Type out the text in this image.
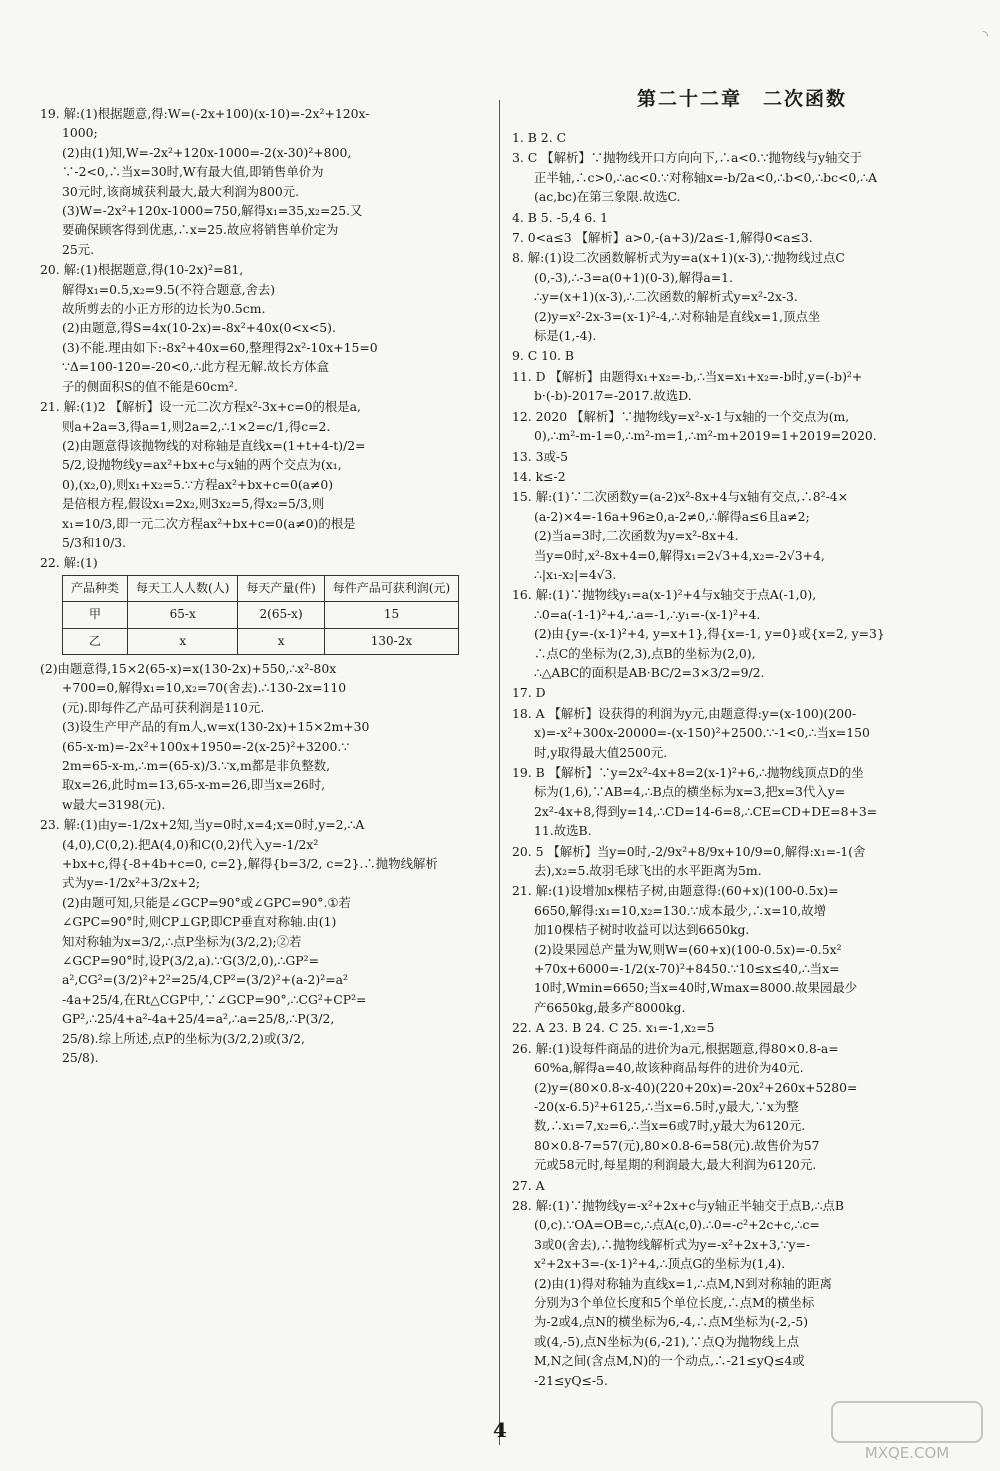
◝
第二十二章　二次函数
19. 解:(1)根据题意,得:W=(-2x+100)(x-10)=-2x²+120x-
1000;
(2)由(1)知,W=-2x²+120x-1000=-2(x-30)²+800,
∵-2<0,∴当x=30时,W有最大值,即销售单价为
30元时,该商城获利最大,最大利润为800元.
(3)W=-2x²+120x-1000=750,解得x₁=35,x₂=25.又
要确保顾客得到优惠,∴x=25.故应将销售单价定为
25元.
20. 解:(1)根据题意,得(10-2x)²=81,
解得x₁=0.5,x₂=9.5(不符合题意,舍去)
故所剪去的小正方形的边长为0.5cm.
(2)由题意,得S=4x(10-2x)=-8x²+40x(0<x<5).
(3)不能.理由如下:-8x²+40x=60,整理得2x²-10x+15=0
∵Δ=100-120=-20<0,∴此方程无解.故长方体盒
子的侧面积S的值不能是60cm².
21. 解:(1)2 【解析】设一元二次方程x²-3x+c=0的根是a,
则a+2a=3,得a=1,则2a=2,∴1×2=c/1,得c=2.
(2)由题意得该抛物线的对称轴是直线x=(1+t+4-t)/2=
5/2,设抛物线y=ax²+bx+c与x轴的两个交点为(x₁,
0),(x₂,0),则x₁+x₂=5.∵方程ax²+bx+c=0(a≠0)
是倍根方程,假设x₁=2x₂,则3x₂=5,得x₂=5/3,则
x₁=10/3,即一元二次方程ax²+bx+c=0(a≠0)的根是
5/3和10/3.
22. 解:(1)
产品种类	每天工人人数(人)	每天产量(件)	每件产品可获利润(元)
甲	65-x	2(65-x)	15
乙	x	x	130-2x
(2)由题意得,15×2(65-x)=x(130-2x)+550,∴x²-80x
+700=0,解得x₁=10,x₂=70(舍去).∴130-2x=110
(元).即每件乙产品可获利润是110元.
(3)设生产甲产品的有m人,w=x(130-2x)+15×2m+30
(65-x-m)=-2x²+100x+1950=-2(x-25)²+3200.∵
2m=65-x-m,∴m=(65-x)/3.∵x,m都是非负整数,
取x=26,此时m=13,65-x-m=26,即当x=26时,
w最大=3198(元).
23. 解:(1)由y=-1/2x+2知,当y=0时,x=4;x=0时,y=2,∴A
(4,0),C(0,2).把A(4,0)和C(0,2)代入y=-1/2x²
+bx+c,得{-8+4b+c=0, c=2},解得{b=3/2, c=2}.∴抛物线解析
式为y=-1/2x²+3/2x+2;
(2)由题可知,只能是∠GCP=90°或∠GPC=90°.①若
∠GPC=90°时,则CP⊥GP,即CP垂直对称轴.由(1)
知对称轴为x=3/2,∴点P坐标为(3/2,2);②若
∠GCP=90°时,设P(3/2,a).∵G(3/2,0),∴GP²=
a²,CG²=(3/2)²+2²=25/4,CP²=(3/2)²+(a-2)²=a²
-4a+25/4,在Rt△CGP中,∵∠GCP=90°,∴CG²+CP²=
GP²,∴25/4+a²-4a+25/4=a²,∴a=25/8,∴P(3/2,
25/8).综上所述,点P的坐标为(3/2,2)或(3/2,
25/8).
1. B 2. C
3. C 【解析】∵抛物线开口方向向下,∴a<0.∵抛物线与y轴交于
正半轴,∴c>0,∴ac<0.∵对称轴x=-b/2a<0,∴b<0,∴bc<0,∴A
(ac,bc)在第三象限.故选C.
4. B 5. -5,4 6. 1
7. 0<a≤3 【解析】a>0,-(a+3)/2a≤-1,解得0<a≤3.
8. 解:(1)设二次函数解析式为y=a(x+1)(x-3),∵抛物线过点C
(0,-3),∴-3=a(0+1)(0-3),解得a=1.
∴y=(x+1)(x-3),∴二次函数的解析式y=x²-2x-3.
(2)y=x²-2x-3=(x-1)²-4,∴对称轴是直线x=1,顶点坐
标是(1,-4).
9. C 10. B
11. D 【解析】由题得x₁+x₂=-b,∴当x=x₁+x₂=-b时,y=(-b)²+
b·(-b)-2017=-2017.故选D.
12. 2020 【解析】∵抛物线y=x²-x-1与x轴的一个交点为(m,
0),∴m²-m-1=0,∴m²-m=1,∴m²-m+2019=1+2019=2020.
13. 3或-5
14. k≤-2
15. 解:(1)∵二次函数y=(a-2)x²-8x+4与x轴有交点,∴8²-4×
(a-2)×4=-16a+96≥0,a-2≠0,∴解得a≤6且a≠2;
(2)当a=3时,二次函数为y=x²-8x+4.
当y=0时,x²-8x+4=0,解得x₁=2√3+4,x₂=-2√3+4,
∴|x₁-x₂|=4√3.
16. 解:(1)∵抛物线y₁=a(x-1)²+4与x轴交于点A(-1,0),
∴0=a(-1-1)²+4,∴a=-1,∴y₁=-(x-1)²+4.
(2)由{y=-(x-1)²+4, y=x+1},得{x=-1, y=0}或{x=2, y=3}
∴点C的坐标为(2,3),点B的坐标为(2,0),
∴△ABC的面积是AB·BC/2=3×3/2=9/2.
17. D
18. A 【解析】设获得的利润为y元,由题意得:y=(x-100)(200-
x)=-x²+300x-20000=-(x-150)²+2500.∵-1<0,∴当x=150
时,y取得最大值2500元.
19. B 【解析】∵y=2x²-4x+8=2(x-1)²+6,∴抛物线顶点D的坐
标为(1,6),∵AB=4,∴B点的横坐标为x=3,把x=3代入y=
2x²-4x+8,得到y=14,∴CD=14-6=8,∴CE=CD+DE=8+3=
11.故选B.
20. 5 【解析】当y=0时,-2/9x²+8/9x+10/9=0,解得:x₁=-1(舍
去),x₂=5.故羽毛球飞出的水平距离为5m.
21. 解:(1)设增加x棵桔子树,由题意得:(60+x)(100-0.5x)=
6650,解得:x₁=10,x₂=130.∵成本最少,∴x=10,故增
加10棵桔子树时收益可以达到6650kg.
(2)设果园总产量为W,则W=(60+x)(100-0.5x)=-0.5x²
+70x+6000=-1/2(x-70)²+8450.∵10≤x≤40,∴当x=
10时,Wmin=6650;当x=40时,Wmax=8000.故果园最少
产6650kg,最多产8000kg.
22. A 23. B 24. C 25. x₁=-1,x₂=5
26. 解:(1)设每件商品的进价为a元,根据题意,得80×0.8-a=
60%a,解得a=40,故该种商品每件的进价为40元.
(2)y=(80×0.8-x-40)(220+20x)=-20x²+260x+5280=
-20(x-6.5)²+6125,∴当x=6.5时,y最大,∵x为整
数,∴x₁=7,x₂=6,∴当x=6或7时,y最大为6120元.
80×0.8-7=57(元),80×0.8-6=58(元).故售价为57
元或58元时,每星期的利润最大,最大利润为6120元.
27. A
28. 解:(1)∵抛物线y=-x²+2x+c与y轴正半轴交于点B,∴点B
(0,c).∵OA=OB=c,∴点A(c,0).∴0=-c²+2c+c,∴c=
3或0(舍去),∴抛物线解析式为y=-x²+2x+3,∵y=-
x²+2x+3=-(x-1)²+4,∴顶点G的坐标为(1,4).
(2)由(1)得对称轴为直线x=1,∴点M,N到对称轴的距离
分别为3个单位长度和5个单位长度,∴点M的横坐标
为-2或4,点N的横坐标为6,-4,∴点M坐标为(-2,-5)
或(4,-5),点N坐标为(6,-21),∵点Q为抛物线上点
M,N之间(含点M,N)的一个动点,∴-21≤yQ≤4或
-21≤yQ≤-5.
4
MXQE.COM
